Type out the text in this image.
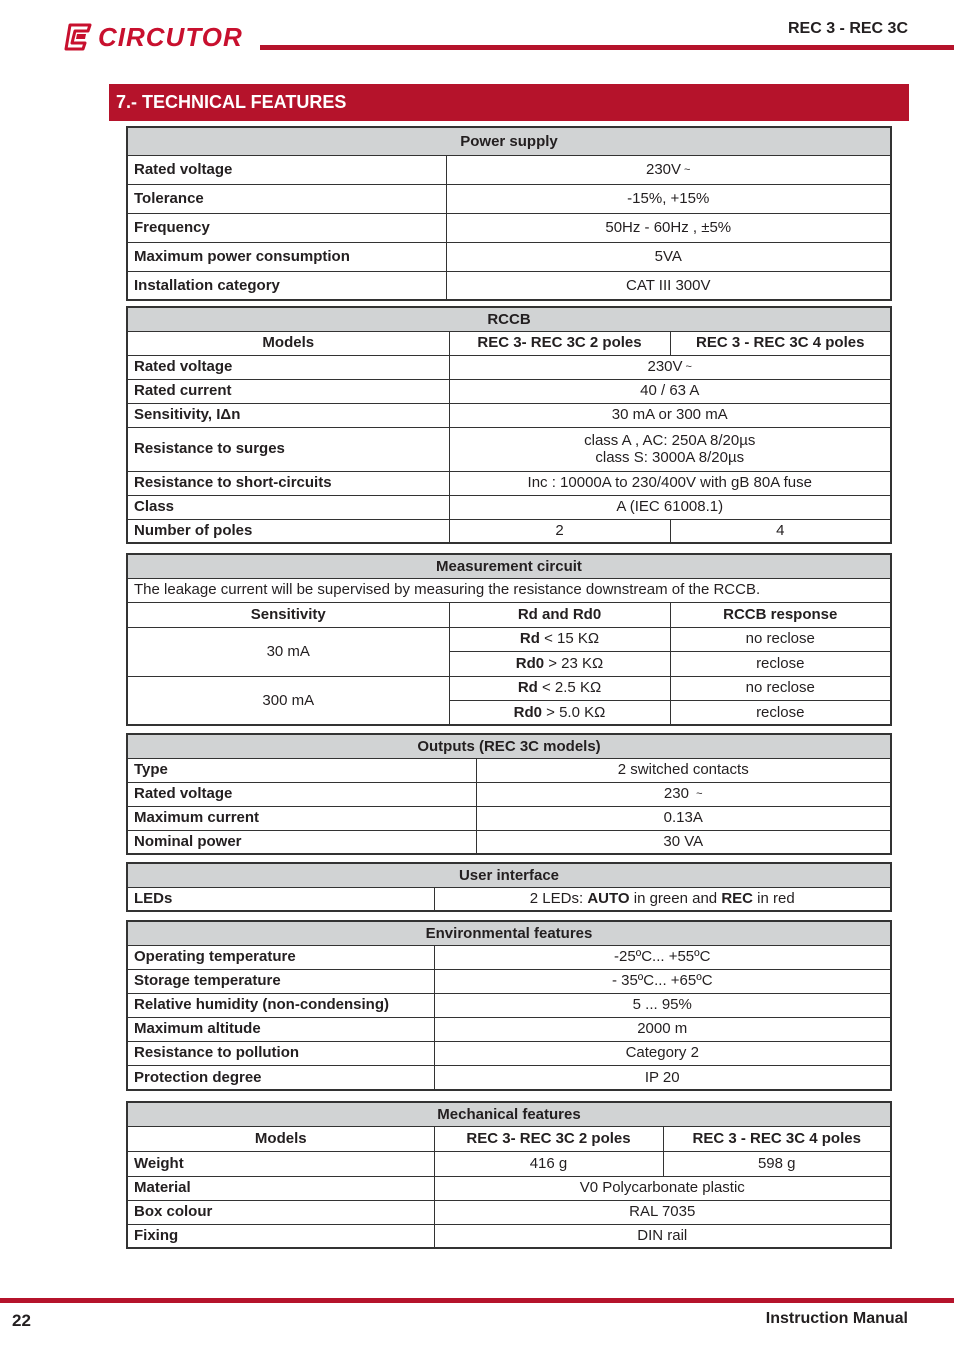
CIRCUTOR	REC 3 - REC 3C
7.- TECHNICAL FEATURES
Power supply	
Rated voltage	230V ~
Tolerance	-15%, +15%
Frequency	50Hz - 60Hz , ±5%
Maximum power consumption	5VA
Installation category	CAT III 300V
RCCB		
Models	REC 3- REC 3C 2 poles	REC 3 - REC 3C 4 poles
Rated voltage	230V ~	
Rated current	40 / 63 A	
Sensitivity, IΔn	30 mA or 300 mA	
Resistance to surges	class A , AC: 250A 8/20µs
class S: 3000A 8/20µs	

Resistance to short-circuits	Inc : 10000A to 230/400V with gB 80A fuse	
Class	A (IEC 61008.1)	
Number of poles	2	4
Measurement circuit		
The leakage current will be supervised by measuring the resistance downstream of the RCCB.		
Sensitivity	Rd and Rd0	RCCB response
30 mA	Rd < 15 KΩ	no reclose
	Rd0 > 23 KΩ	reclose
300 mA	Rd < 2.5 KΩ	no reclose
	Rd0 > 5.0 KΩ	reclose
Outputs (REC 3C models)	
Type	2 switched contacts
Rated voltage	230 ~
Maximum current	0.13A
Nominal power	30 VA
User interface
LEDs	2 LEDs: AUTO in green and REC in red
Environmental features	
Operating temperature	-25ºC... +55ºC
Storage temperature	- 35ºC... +65ºC
Relative humidity (non-condensing)	5 ... 95%
Maximum altitude	2000 m
Resistance to pollution	Category 2
Protection degree	IP 20
Mechanical features		
Models	REC 3- REC 3C 2 poles	REC 3 - REC 3C 4 poles
Weight	416 g	598 g
Material	V0 Polycarbonate plastic	
Box colour	RAL 7035	
Fixing	DIN rail	
22	Instruction Manual
